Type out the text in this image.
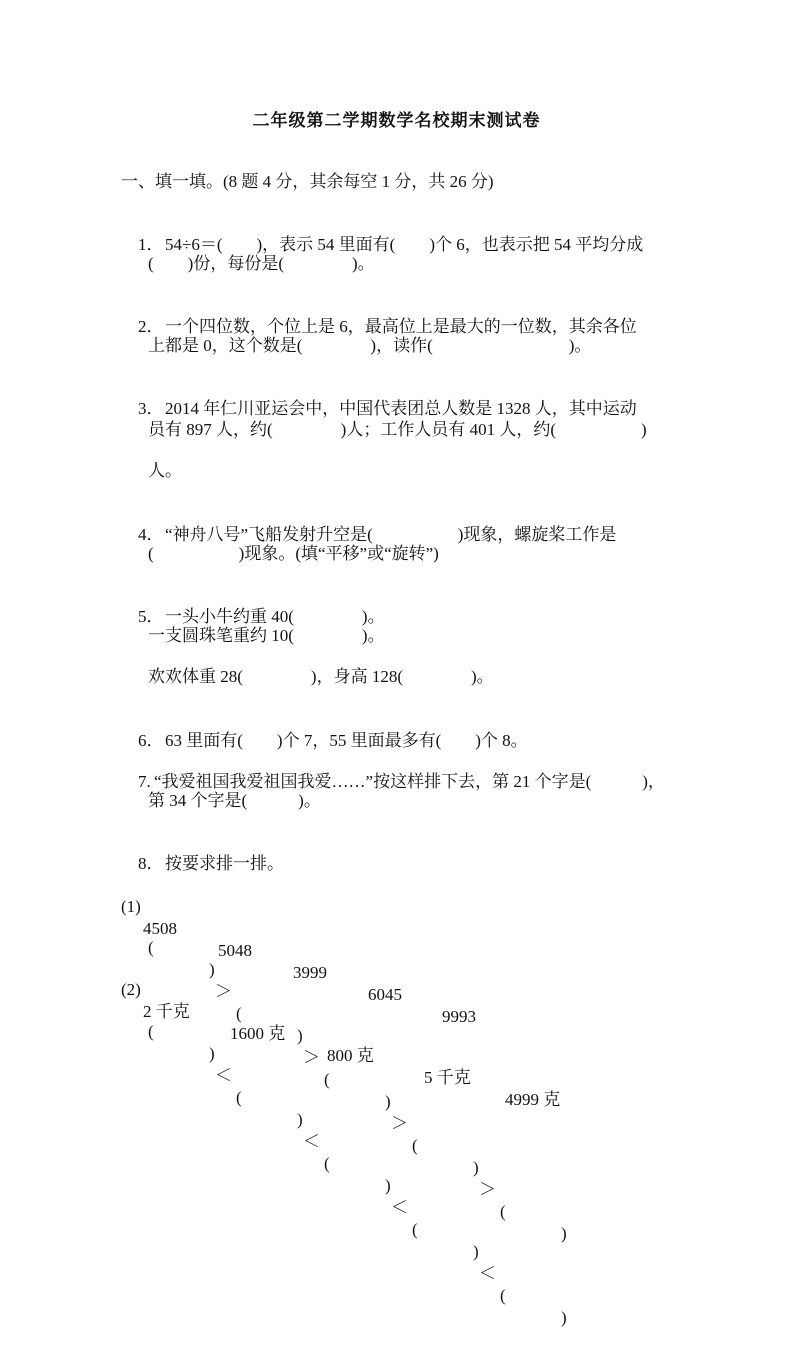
二年级第二学期数学名校期末测试卷
一、填一填。(8 题 4 分，其余每空 1 分，共 26 分)

1．54÷6＝(　　)，表示 54 里面有(　　)个 6，也表示把 54 平均分成

(　　)份，每份是(　　　　)。

2．一个四位数，个位上是 6，最高位上是最大的一位数，其余各位

上都是 0，这个数是(　　　　)，读作(　　　　　　　　)。

3．2014 年仁川亚运会中，中国代表团总人数是 1328 人，其中运动

员有 897 人，约(　　　　)人；工作人员有 401 人，约(　　　　　)
人。

4．“神舟八号”飞船发射升空是(　　　　　)现象，螺旋桨工作是

(　　　　　)现象。(填“平移”或“旋转”)

5．一头小牛约重 40(　　　　)。

一支圆珠笔重约 10(　　　　)。
欢欢体重 28(　　　　)，身高 128(　　　　)。

6．63 里面有(　　)个 7，55 里面最多有(　　)个 8。

7. “我爱祖国我爱祖国我爱……”按这样排下去，第 21 个字是(　　　)，

第 34 个字是(　　　)。

8．按要求排一排。

(1)

4508

5048

3999

6045

9993

(

)

＞

(

)

＞

(

)

＞

(

)

＞

(

)

(2)

2 千克

1600 克

800 克

5 千克

4999 克

(

)

＜

(

)

＜

(

)

＜

(

)

＜

(

)
